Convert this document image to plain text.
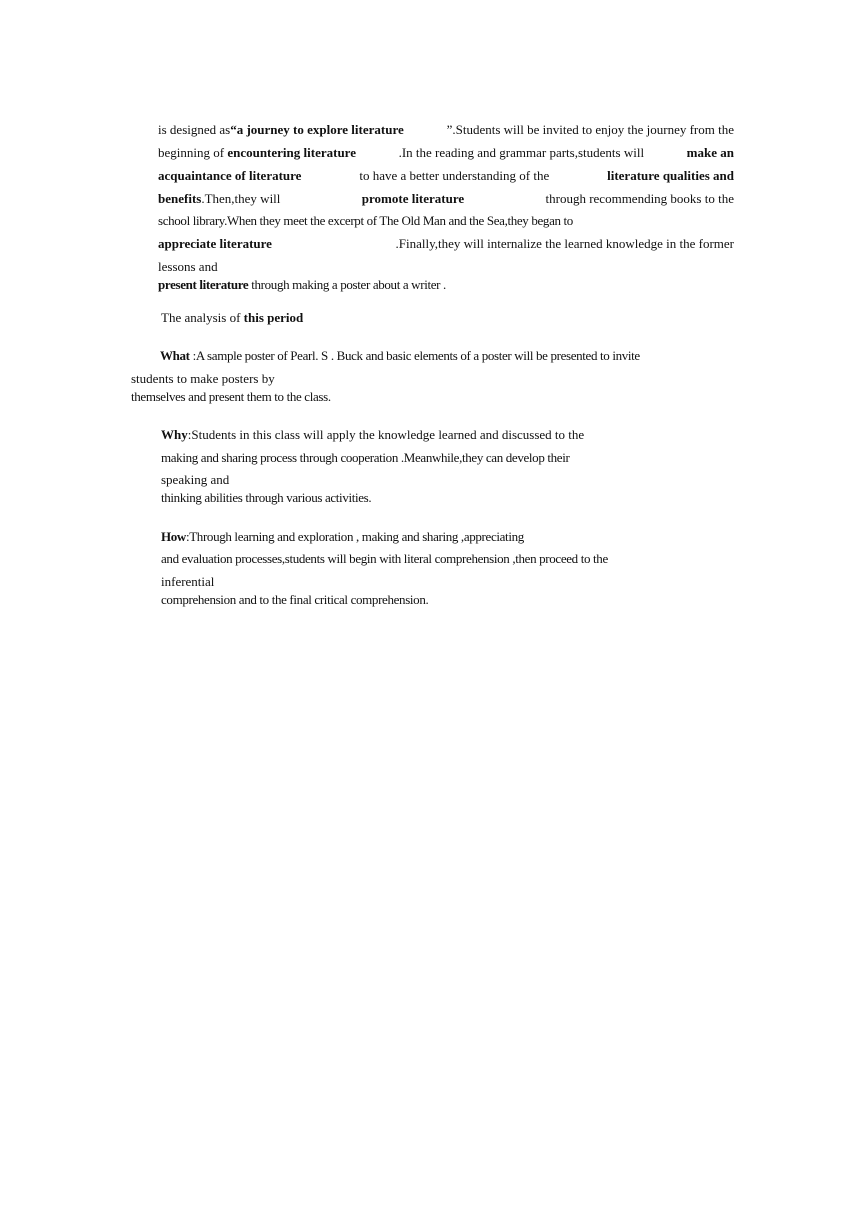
is designed as“a journey to explore literature	”.Students will be invited to enjoy the journey from the
beginning of encountering literature	.In the reading and grammar parts,students will	make an
acquaintance of literature	to have a better understanding of the	literature qualities and
benefits.Then,they will	promote literature	through recommending books to the
school library.When they meet the excerpt of The Old Man and the Sea,they began to
appreciate literature	.Finally,they will internalize the learned knowledge in the former
lessons and
present literature through making a poster about a writer .
The analysis of this period
What :A sample poster of Pearl. S . Buck and basic elements of a poster will be presented to invite
students to make posters by
themselves and present them to the class.
Why:Students in this class will apply the knowledge learned and discussed to the
making and sharing process through cooperation .Meanwhile,they can develop their
speaking and
thinking abilities through various activities.
How:Through learning and exploration , making and sharing ,appreciating
and evaluation processes,students will begin with literal comprehension ,then proceed to the
inferential
comprehension and to the final critical comprehension.
